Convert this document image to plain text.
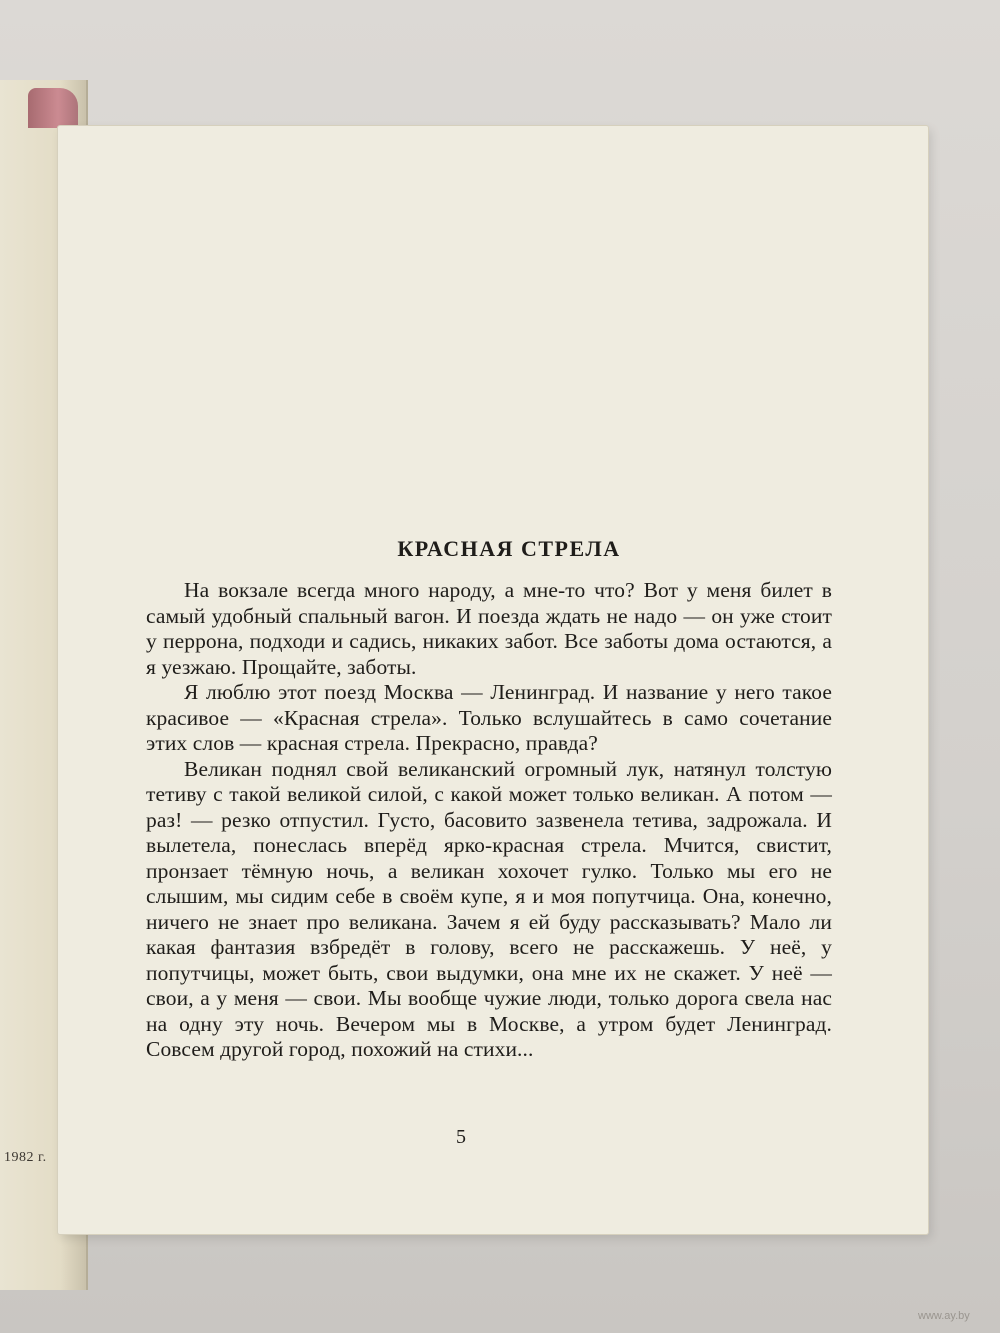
1982 г.
КРАСНАЯ СТРЕЛА

На вокзале всегда много народу, а мне-то что? Вот у меня билет в самый удобный спальный вагон. И поезда ждать не надо — он уже стоит у перрона, подходи и садись, никаких забот. Все заботы дома остаются, а я уезжаю. Прощайте, заботы.

Я люблю этот поезд Москва — Ленинград. И название у него такое красивое — «Красная стрела». Только вслушайтесь в само сочетание этих слов — красная стрела. Прекрасно, правда?

Великан поднял свой великанский огромный лук, натянул толстую тетиву с такой великой силой, с какой может только великан. А потом — раз! — резко отпустил. Густо, басовито зазвенела тетива, задрожала. И вылетела, понеслась вперёд ярко-красная стрела. Мчится, свистит, пронзает тёмную ночь, а великан хохочет гулко. Только мы его не слышим, мы сидим себе в своём купе, я и моя попутчица. Она, конечно, ничего не знает про великана. Зачем я ей буду рассказывать? Мало ли какая фантазия взбредёт в голову, всего не расскажешь. У неё, у попутчицы, может быть, свои выдумки, она мне их не скажет. У неё — свои, а у меня — свои. Мы вообще чужие люди, только дорога свела нас на одну эту ночь. Вечером мы в Москве, а утром будет Ленинград. Совсем другой город, похожий на стихи...

5
www.ay.by
